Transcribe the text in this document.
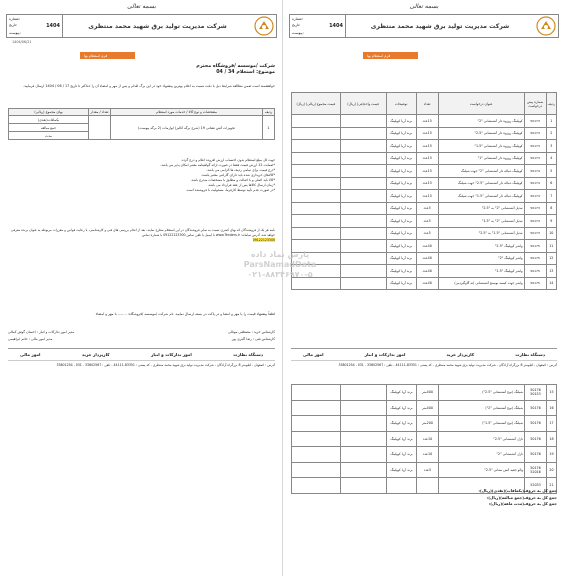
بسمه تعالی
شماره:
تاریخ:	1404
پیوست:
شرکت مدیریت تولید برق شهید محمد منتظری
1404/06/21
فرم استعلام بها
شرکت /موسسه /فروشگاه محترم
موضوع: استعلام 34 / 04
خواهشمند است ضمن مطالعه شرایط ذیل با دقت نسبت به اعلام بهترین پیشنهاد خود در این برگ اقدام و پس از مهر و امضاء آن را حداکثر تا تاریخ 17 / 06 / 1404 ارسال فرمایید.
ردیف	مشخصات و نوع کالا / خدمات مورد استعلام	تعداد / مقدار	بهای مجموع (ریالی)
1	تجهیزات آتش نشانی 19 (شرح برگه آنالیز) لوازمات (2 برگه پیوست)		بکمافات(نقدی)
			جمع مبالغه
			مدت
جهت کل مبلغ استعلام بدون احتساب ارزش افزوده اعلام و درج گردد.
*ضمانت 12 ارزش قیمت فقط در صورت ارائه گواهینامه معتبر امکان پذیر می باشد.
*درج قیمت برای تمامی ردیف ها الزامی می باشد.
*کالاهای خریداری شده باید دارای گارانتی معتبر باشند.
*کالا باید اصلی و با اصالت و مطابق با مشخصات مندرج باشد.
*زمان ارسال کالاها پس از عقد قرارداد می باشد.
*در صورت عدم تأیید توسط کارفرما، مسئولیت با فروشنده است.
نامه هر یک از فروشندگان که بهای کمتری نسبت به سایر فروشندگان در این استعلام مطرح نمایند، بعد از انجام بررسی های فنی و کارشناسی، با رعایت قوانین و مقررات مربوطه به عنوان برنده معرفی خواهد شد. آدرس سامانه: www.Tenders.ir با ایمیل یا تلفن تماس 09122123300 با شماره تماس
09122123300
لطفاً پیشنهاد قیمت را با مهر و امضا و در پاکت در بسته ارسال نمایید. نام شرکت /موسسه /فروشگاه: ........ با مهر و امضاء
کارشناس خرید : مصطفی موتالی
مدیر امور تدارکات و انبار : احسان گوش کمالی
کارشناس فنی : رضا آکبری پور
مدیر امور مالی : حاتم ابراهیمی
دستگاه نظارت
امور تدارکات و انبار
کارپرداز خرید
امور مالی
آدرس : اصفهان ، کیلومتر 8 بزرگراه آزادگان ، شرکت مدیریت تولید برق شهید محمد منتظری - کد پستی : 83351-44111 - تلفن : 33802567 - 031 ، 33801254
بسمه تعالی
شماره:
تاریخ:	1404
پیوست:
شرکت مدیریت تولید برق شهید محمد منتظری
فرم استعلام بها
ردیف	شماره پیش درخواست	عنوان درخواست	تعداد	توضیحات	قیمت واحد(فی) (ریال)	قیمت مجموع (ریالی) (ریال)
1	50173	کوپلینگ روزوه دار آتشنشانی "2"	15عدد	برند آریا کوپلینگ		
2	50173	کوپلینگ روزوه دار آتشنشانی "2.5"	15عدد	برند آریا کوپلینگ		
3	50173	کوپلینگ روزوه دار آتشنشانی "1.5"	15عدد	برند آریا کوپلینگ		
4	50173	کوپلینگ روزوه دار آتشنشانی "1"	15عدد	برند آریا کوپلینگ		
5	50174	کوپلینگ دنباله دار آتشنشانی "2" جهت شیلنگ	15عدد	برند آریا کوپلینگ		
6	50174	کوپلینگ دنباله دار آتشنشانی "2.5" جهت شیلنگ	15عدد	برند آریا کوپلینگ		
7	50174	کوپلینگ دنباله دار آتشنشانی "1.5" جهت شیلنگ	15عدد	برند آریا کوپلینگ		
8	50173	تبدیل آتشنشانی "2" به "2.5"	5عدد	برند آریا کوپلینگ		
9	50173	تبدیل آتشنشانی "2" به "1.5"	5عدد	برند آریا کوپلینگ		
10	50173	تبدیل آتشنشانی "1.5" به "2.5"	5عدد	برند آریا کوپلینگ		
11	50175	واشر کوپلینگ "2.5"	40عدد	برند آریا کوپلینگ		
12	50175	واشر کوپلینگ "2"	40عدد	برند آریا کوپلینگ		
13	50175	واشر کوپلینگ "1.5"	40عدد	برند آریا کوپلینگ		
14	50175	واشر جهت کیسه نوسنج آتشنشانی (ته گاوگیردیی)	40عدد	برند آریا کوپلینگ		
دستگاه نظارت
کارپرداز خرید
امور تدارکات و انبار
امور مالی
آدرس : اصفهان ، کیلومتر 8 بزرگراه آزادگان ، شرکت مدیریت تولید برق شهید محمد منتظری - کد پستی : 83351-44111 - تلفن : 33802567 - 031 ، 33801254
15	50176 50153	شیلنگ (نوع آتشنشانی "2.5")	400متر	برند آریا کوپلینگ		
16	50176	شیلنگ (نوع آتشنشانی "2")	400متر	برند آریا کوپلینگ		
17	50176	شیلنگ (نوع آتشنشانی "1.5")	200متر	برند آریا کوپلینگ		
18	50176	نازل آتشنشانی "2.5"	10عدد	برند آریا کوپلینگ		
19	50176	نازل آتشنشانی "2"	10عدد	برند آریا کوپلینگ		
20	50176 52016	والو جعبه آتش نشانی "2.5"	5عدد	برند آریا کوپلینگ		
21	52033					
جمع کل به حروف(بکمافات)(نقدی)(ریال):
جمع کل به حروف(جمع مبالغه)(ریال):
جمع کل به حروف(مدت ماهه)(ریال):
پارس نماد داده
ParsNamadData
۰۲۱-۸۸۳۴۶۹۷۰-۵
